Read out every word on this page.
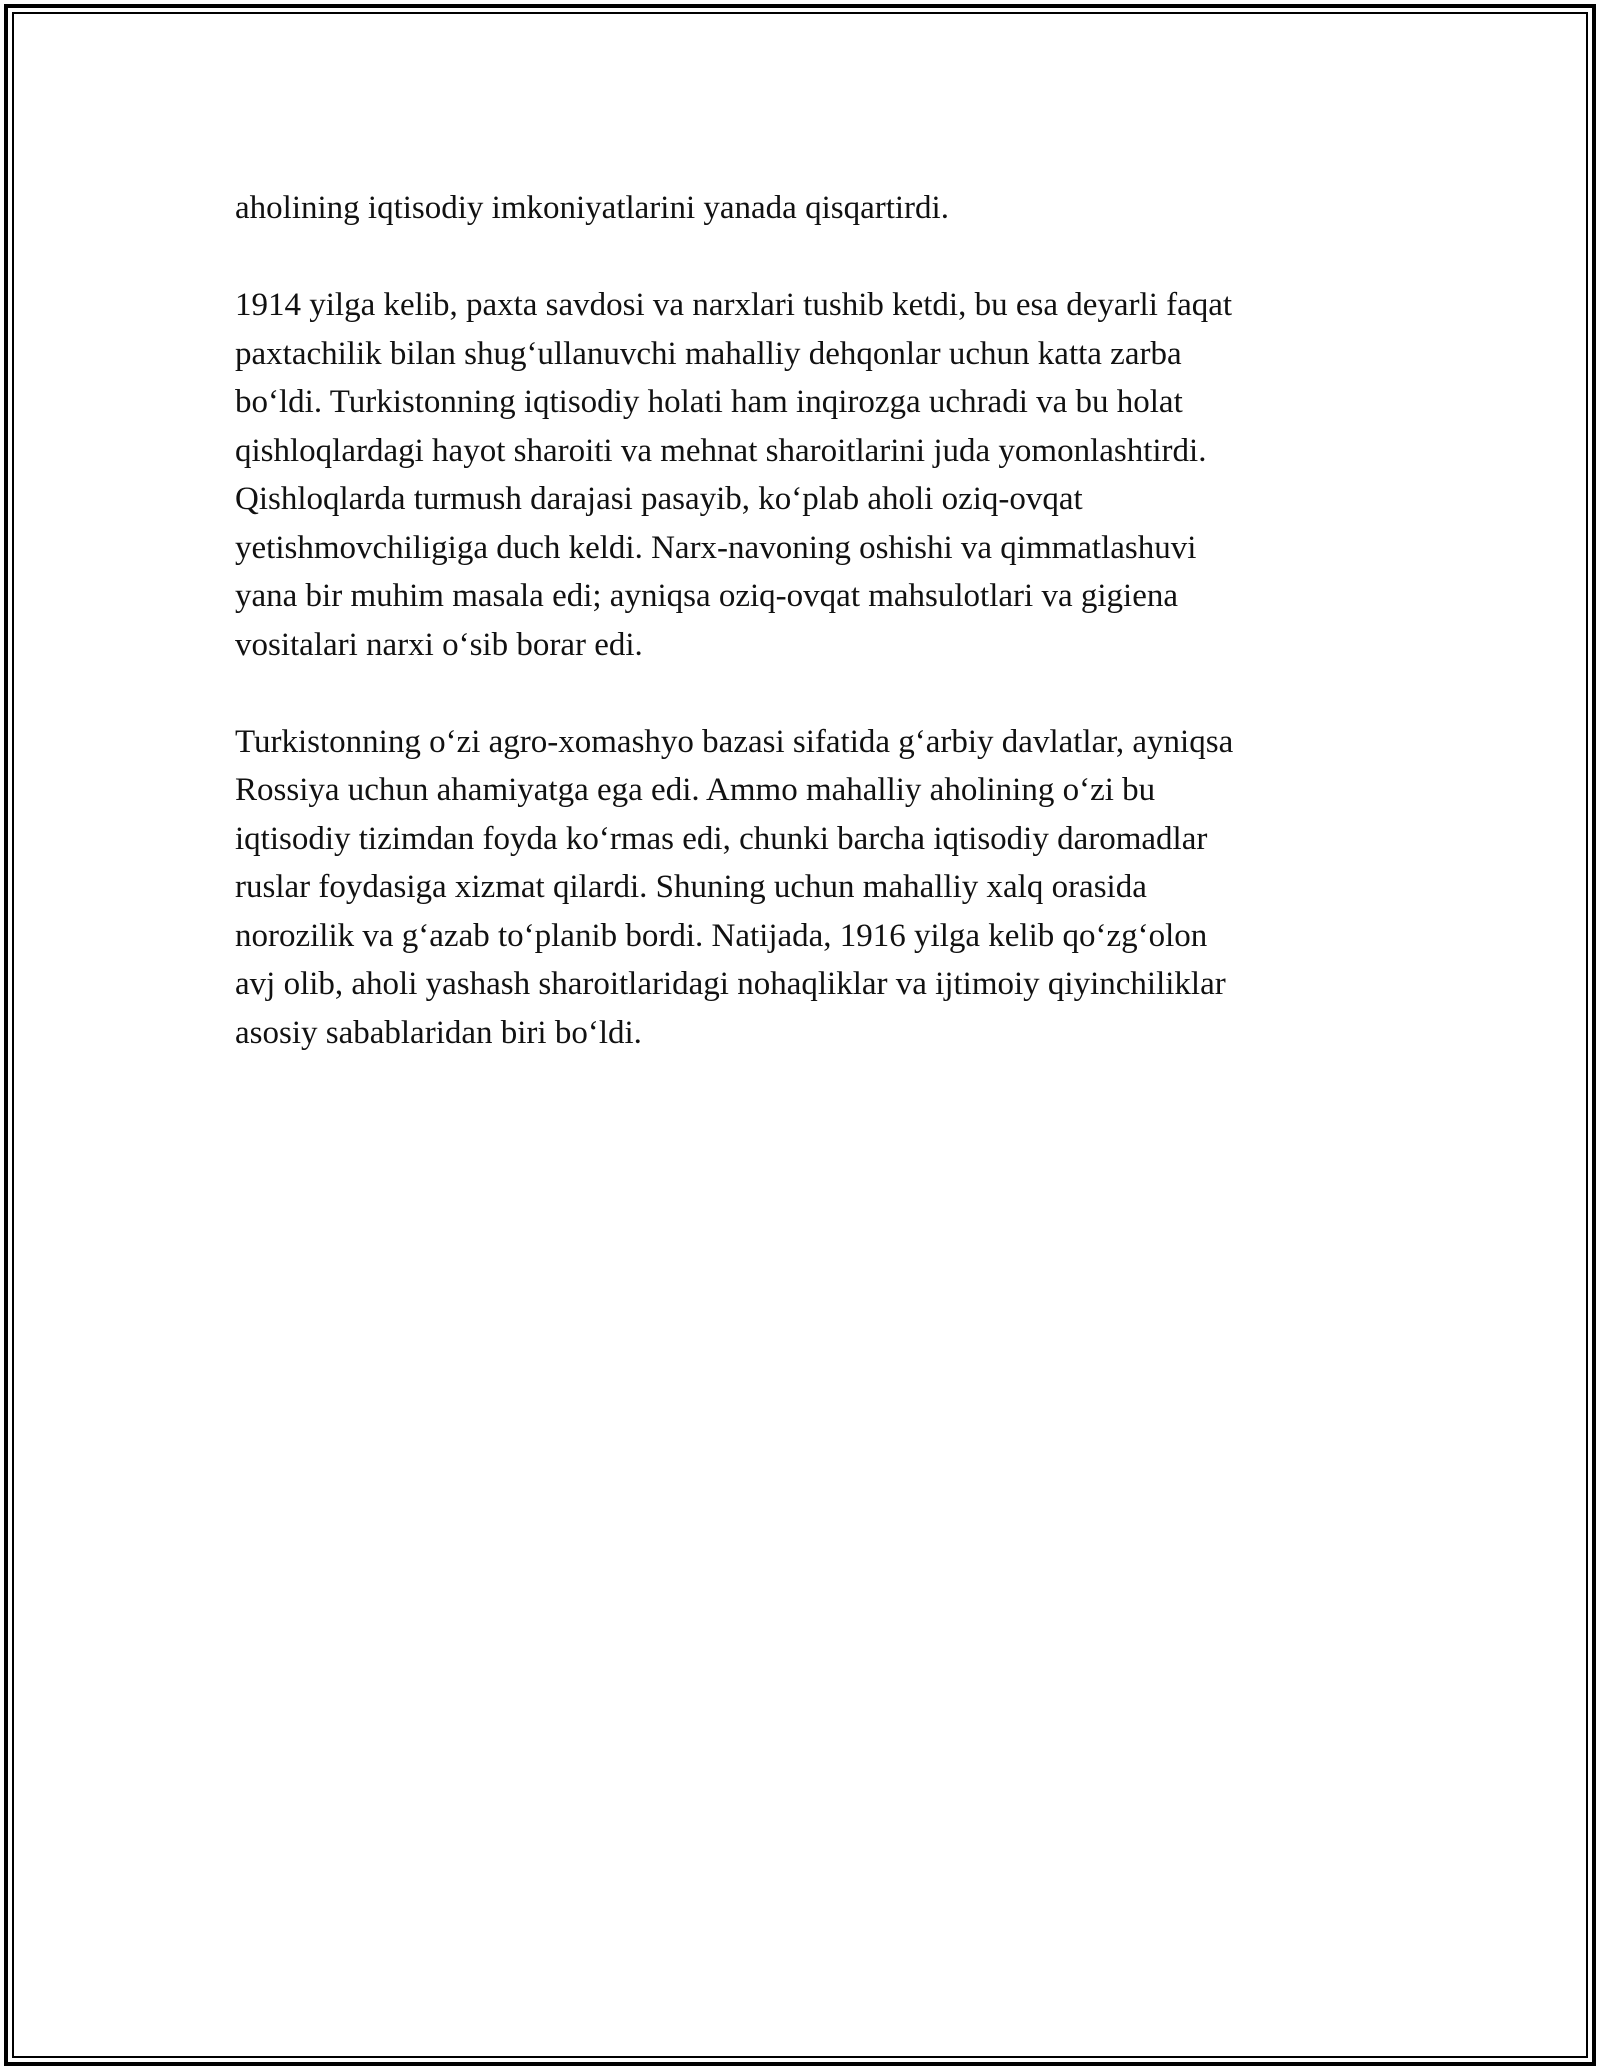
aholining iqtisodiy imkoniyatlarini yanada qisqartirdi.

1914 yilga kelib, paxta savdosi va narxlari tushib ketdi, bu esa deyarli faqat
paxtachilik bilan shugʻullanuvchi mahalliy dehqonlar uchun katta zarba
boʻldi. Turkistonning iqtisodiy holati ham inqirozga uchradi va bu holat
qishloqlardagi hayot sharoiti va mehnat sharoitlarini juda yomonlashtirdi.
Qishloqlarda turmush darajasi pasayib, koʻplab aholi oziq-ovqat
yetishmovchiligiga duch keldi. Narx-navoning oshishi va qimmatlashuvi
yana bir muhim masala edi; ayniqsa oziq-ovqat mahsulotlari va gigiena
vositalari narxi oʻsib borar edi.

Turkistonning oʻzi agro-xomashyo bazasi sifatida gʻarbiy davlatlar, ayniqsa
Rossiya uchun ahamiyatga ega edi. Ammo mahalliy aholining oʻzi bu
iqtisodiy tizimdan foyda koʻrmas edi, chunki barcha iqtisodiy daromadlar
ruslar foydasiga xizmat qilardi. Shuning uchun mahalliy xalq orasida
norozilik va gʻazab toʻplanib bordi. Natijada, 1916 yilga kelib qoʻzgʻolon
avj olib, aholi yashash sharoitlaridagi nohaqliklar va ijtimoiy qiyinchiliklar
asosiy sabablaridan biri boʻldi.
